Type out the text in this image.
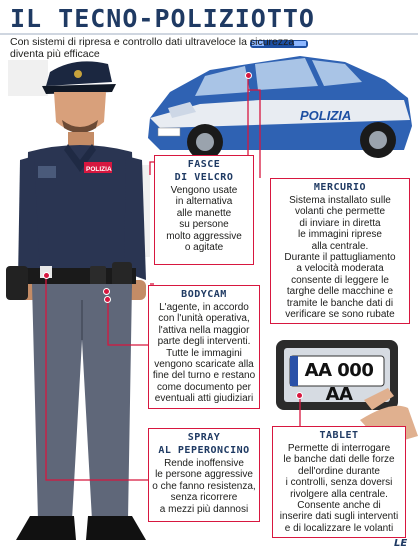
POLIZIA
POLIZIA
IL TECNO-POLIZIOTTO
Con sistemi di ripresa e controllo dati ultraveloce la sicurezza diventa più efficace
AA 000 AA
FASCE
DI VELCRO
Vengono usate
in alternativa
alle manette
su persone
molto aggressive
o agitate
MERCURIO
Sistema installato sulle
volanti che permette
di inviare in diretta
le immagini riprese
alla centrale.
Durante il pattugliamento
a velocità moderata
consente di leggere le
targhe delle macchine e
tramite le banche dati di
verificare se sono rubate
BODYCAM
L'agente, in accordo
con l'unità operativa,
l'attiva nella maggior
parte degli interventi.
Tutte le immagini
vengono scaricate alla
fine del turno e restano
come documento per
eventuali atti giudiziari
SPRAY
AL PEPERONCINO
Rende inoffensive
le persone aggressive
o che fanno resistenza,
senza ricorrere
a mezzi più dannosi
TABLET
Permette di interrogare
le banche dati delle forze
dell'ordine durante
i controlli, senza doversi
rivolgere alla centrale.
Consente anche di
inserire dati sugli interventi
e di localizzare le volanti
LE
